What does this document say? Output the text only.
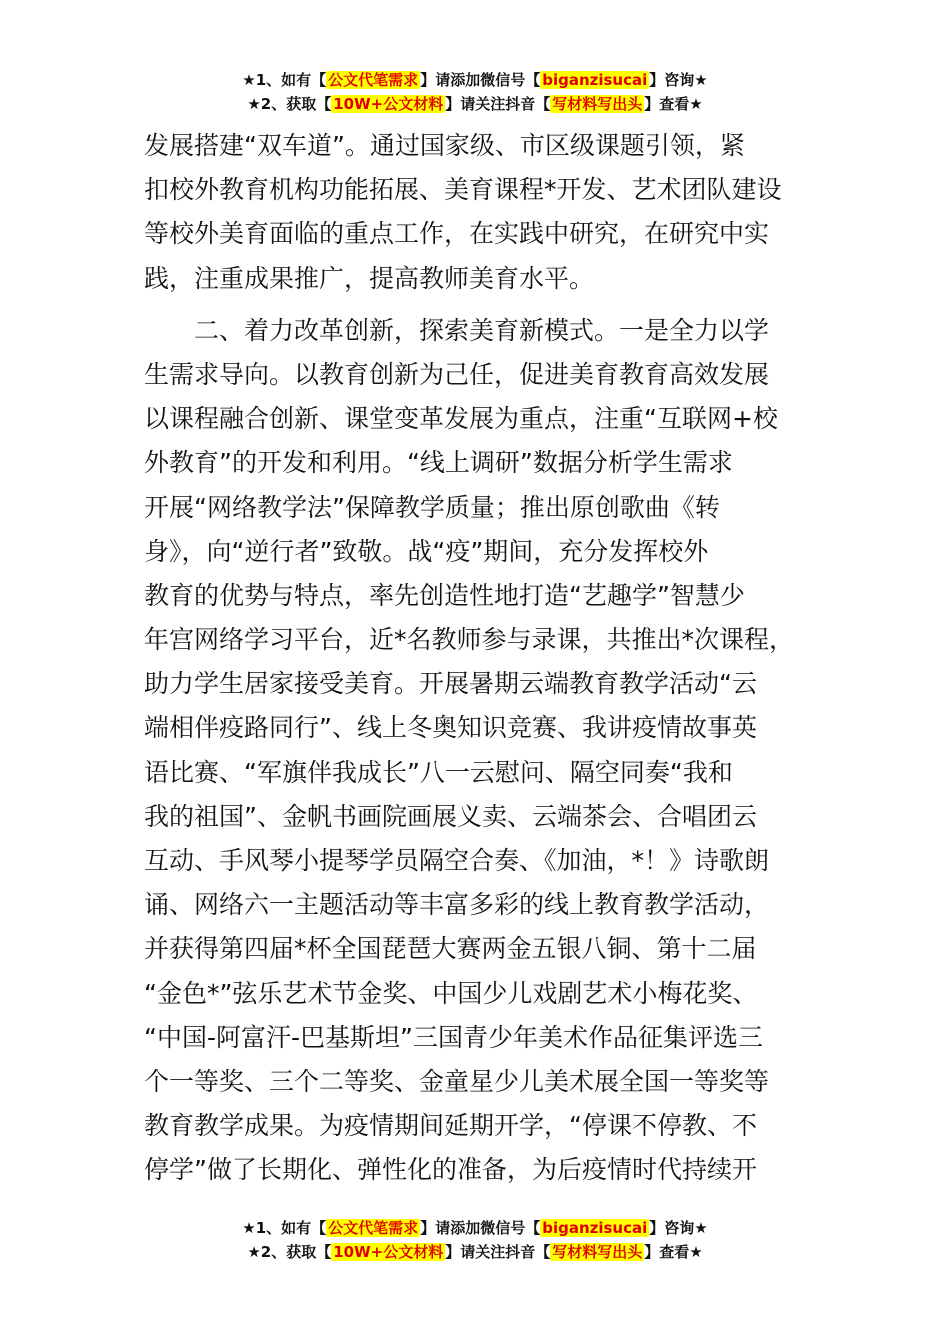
★1、如有【 公文代笔需求 】请添加微信号【 biganzisucai 】咨询★
★2、获取【 10W+公文材料 】请关注抖音【 写材料写出头 】查看★
发展搭建“双车道”。通过国家级、市区级课题引领，紧
扣校外教育机构功能拓展、美育课程*开发、艺术团队建设
等校外美育面临的重点工作，在实践中研究，在研究中实
践，注重成果推广，提高教师美育水平。
二、着力改革创新，探索美育新模式。一是全力以学
生需求导向。以教育创新为己任，促进美育教育高效发展
以课程融合创新、课堂变革发展为重点，注重“互联网+校
外教育”的开发和利用。“线上调研”数据分析学生需求
开展“网络教学法”保障教学质量；推出原创歌曲《转
身》，向“逆行者”致敬。战“疫”期间，充分发挥校外
教育的优势与特点，率先创造性地打造“艺趣学”智慧少
年宫网络学习平台，近*名教师参与录课，共推出*次课程，
助力学生居家接受美育。开展暑期云端教育教学活动“云
端相伴疫路同行”、线上冬奥知识竞赛、我讲疫情故事英
语比赛、“军旗伴我成长”八一云慰问、隔空同奏“我和
我的祖国”、金帆书画院画展义卖、云端茶会、合唱团云
互动、手风琴小提琴学员隔空合奏、《加油，*！》诗歌朗
诵、网络六一主题活动等丰富多彩的线上教育教学活动，
并获得第四届*杯全国琵琶大赛两金五银八铜、第十二届
“金色*”弦乐艺术节金奖、中国少儿戏剧艺术小梅花奖、
“中国-阿富汗-巴基斯坦”三国青少年美术作品征集评选三
个一等奖、三个二等奖、金童星少儿美术展全国一等奖等
教育教学成果。为疫情期间延期开学，“停课不停教、不
停学”做了长期化、弹性化的准备，为后疫情时代持续开
★1、如有【 公文代笔需求 】请添加微信号【 biganzisucai 】咨询★
★2、获取【 10W+公文材料 】请关注抖音【 写材料写出头 】查看★
